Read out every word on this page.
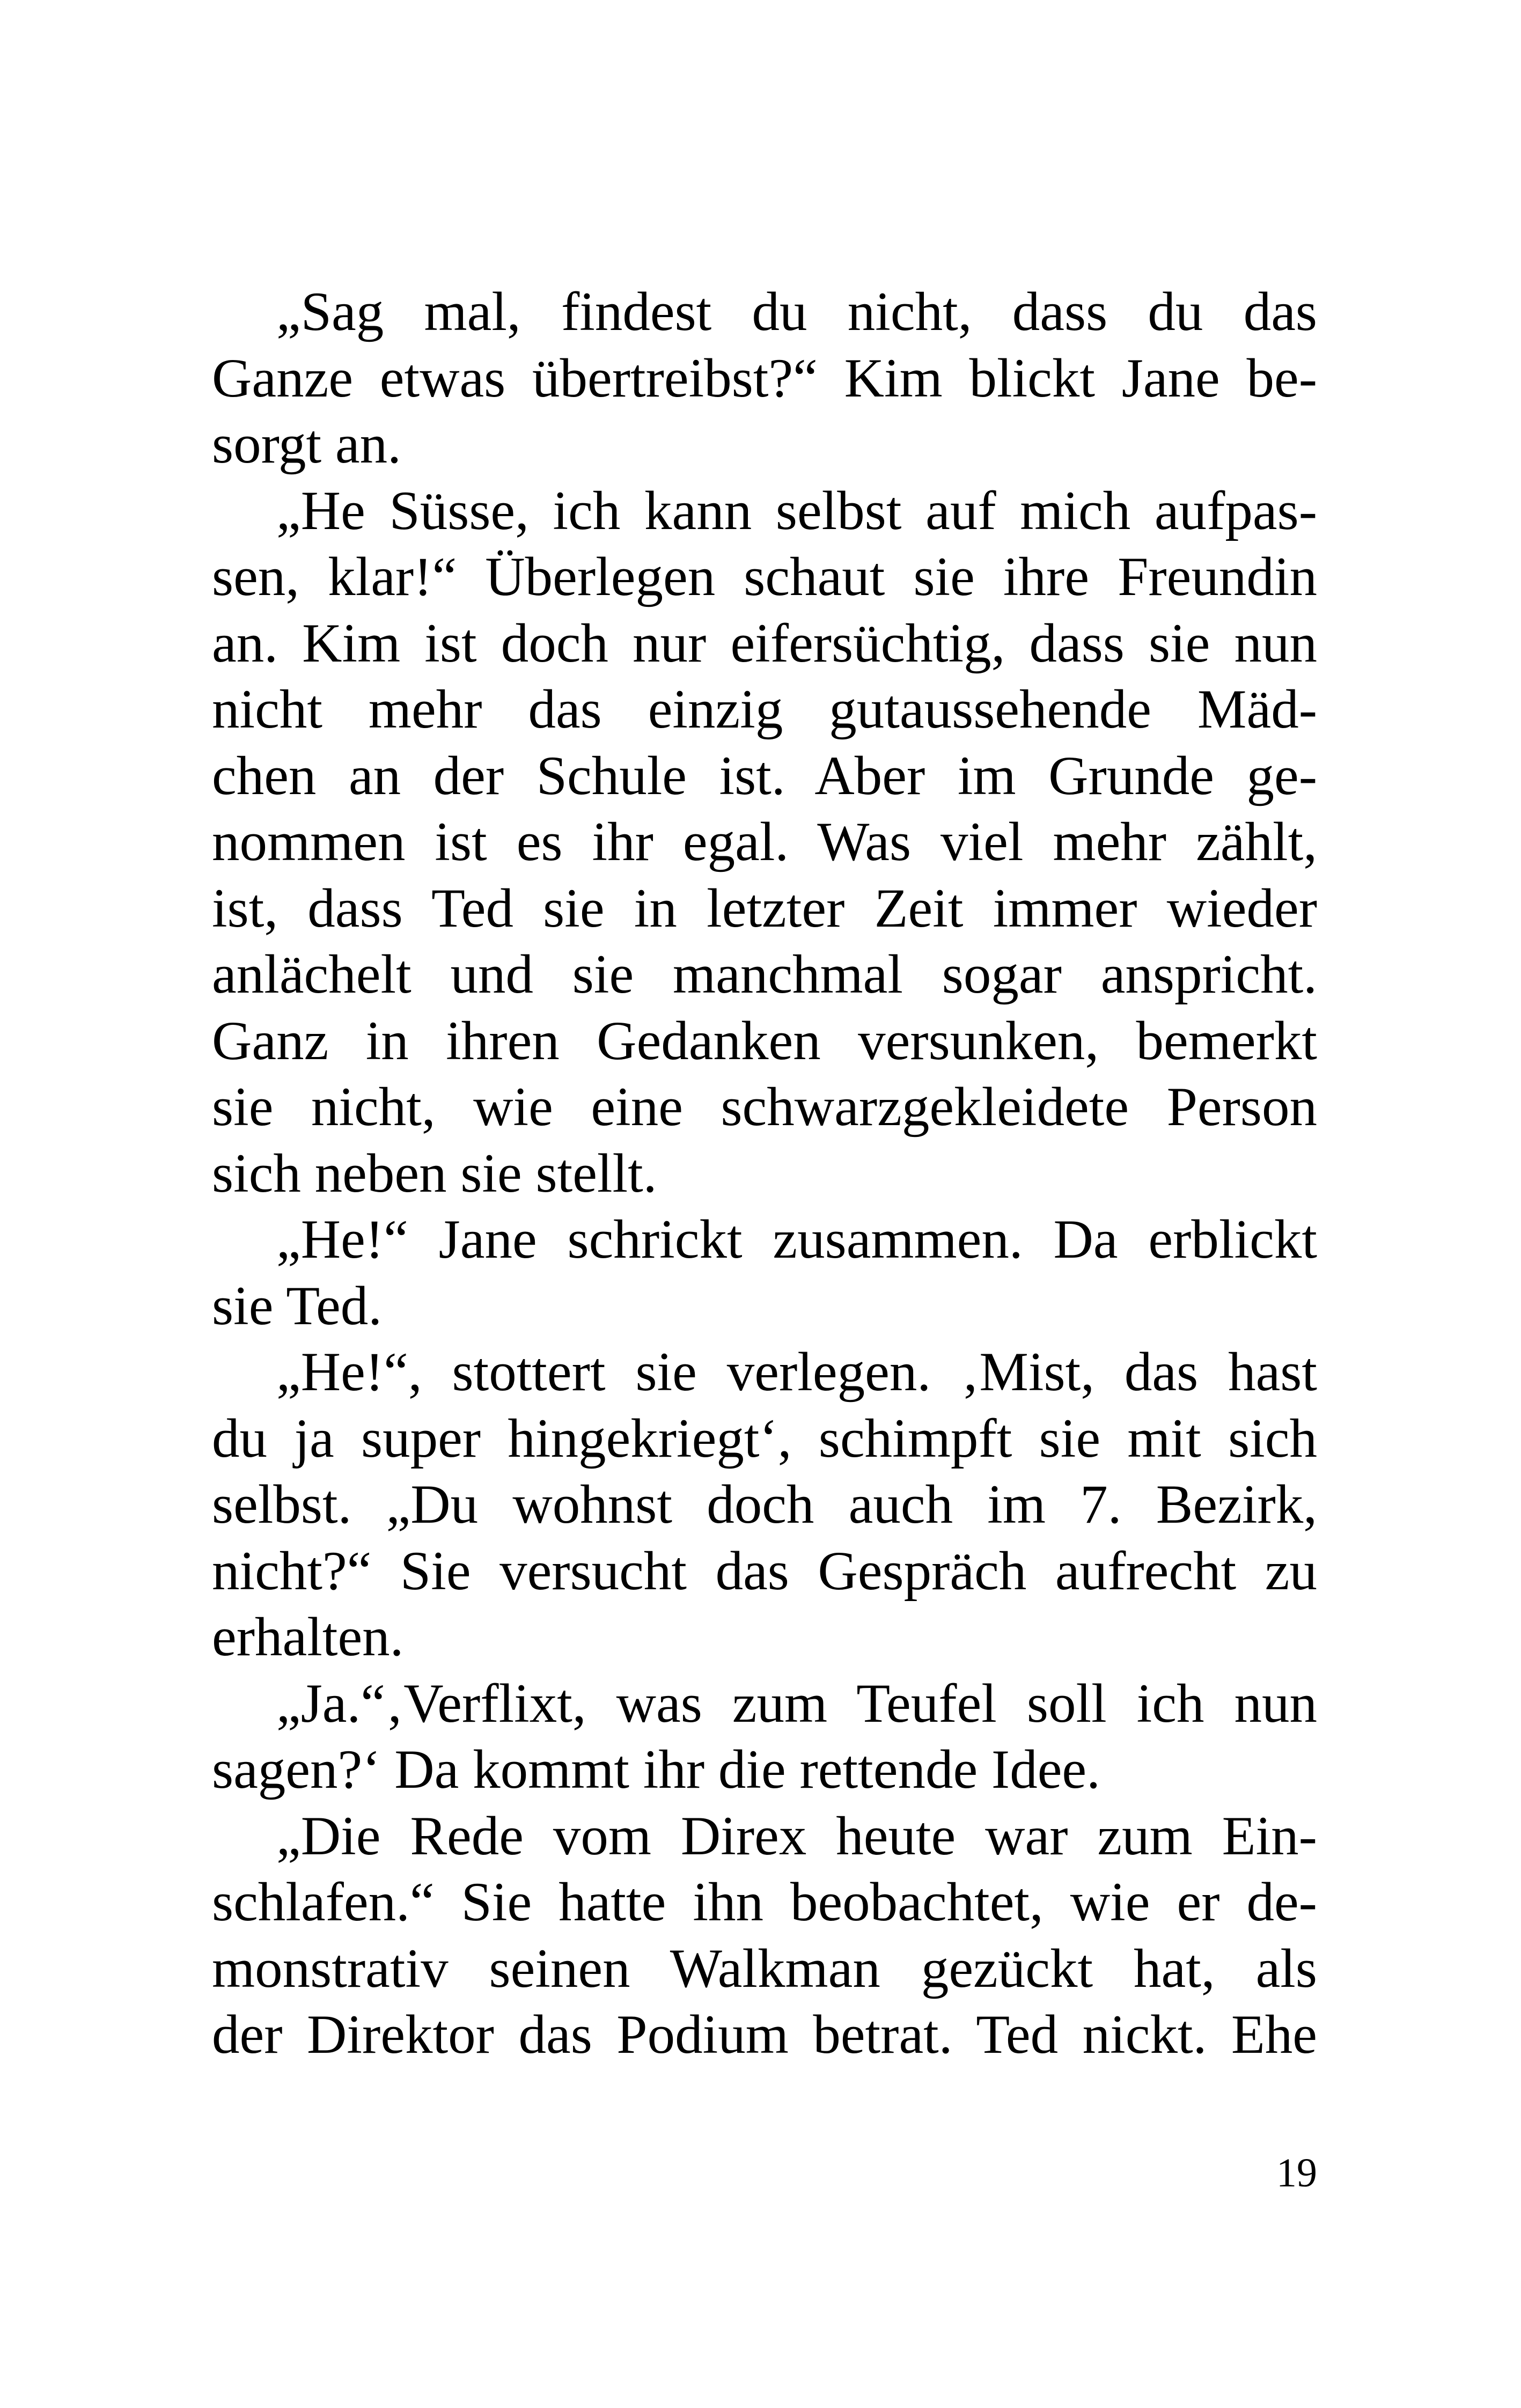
„Sag mal, findest du nicht, dass du das
Ganze etwas übertreibst?“ Kim blickt Jane be-
sorgt an.
„He Süsse, ich kann selbst auf mich aufpas-
sen, klar!“ Überlegen schaut sie ihre Freundin
an. Kim ist doch nur eifersüchtig, dass sie nun
nicht mehr das einzig gutaussehende Mäd-
chen an der Schule ist. Aber im Grunde ge-
nommen ist es ihr egal. Was viel mehr zählt,
ist, dass Ted sie in letzter Zeit immer wieder
anlächelt und sie manchmal sogar anspricht.
Ganz in ihren Gedanken versunken, bemerkt
sie nicht, wie eine schwarzgekleidete Person
sich neben sie stellt.
„He!“ Jane schrickt zusammen. Da erblickt
sie Ted.
„He!“, stottert sie verlegen. ‚Mist, das hast
du ja super hingekriegt‘, schimpft sie mit sich
selbst. „Du wohnst doch auch im 7. Bezirk,
nicht?“ Sie versucht das Gespräch aufrecht zu
erhalten.
„Ja.“‚Verflixt, was zum Teufel soll ich nun
sagen?‘ Da kommt ihr die rettende Idee.
„Die Rede vom Direx heute war zum Ein-
schlafen.“ Sie hatte ihn beobachtet, wie er de-
monstrativ seinen Walkman gezückt hat, als
der Direktor das Podium betrat. Ted nickt. Ehe
19
